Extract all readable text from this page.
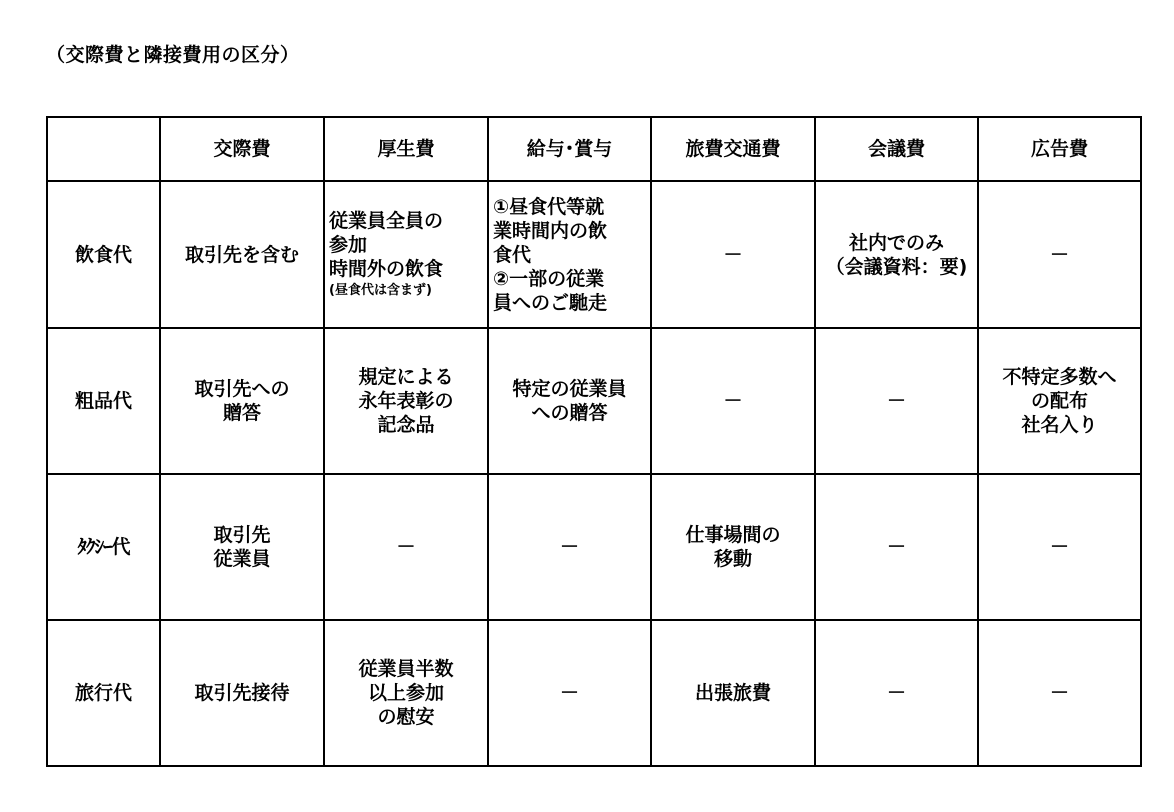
（交際費と隣接費用の区分）
	交際費	厚生費	給与･賞与	旅費交通費	会議費	広告費
飲食代	取引先を含む	従業員全員の
参加
時間外の飲食
(昼食代は含まず)	①昼食代等就
業時間内の飲
食代
②一部の従業
員へのご馳走	－	社内でのみ
（会議資料：要)	－

粗品代	取引先への
贈答	規定による
永年表彰の
記念品	特定の従業員
への贈答	－	－	不特定多数へ
の配布
社名入り

ﾀｸｼｰ代	取引先
従業員	－	－	仕事場間の
移動	－	－

旅行代	取引先接待	従業員半数
以上参加
の慰安	－	出張旅費	－	－
